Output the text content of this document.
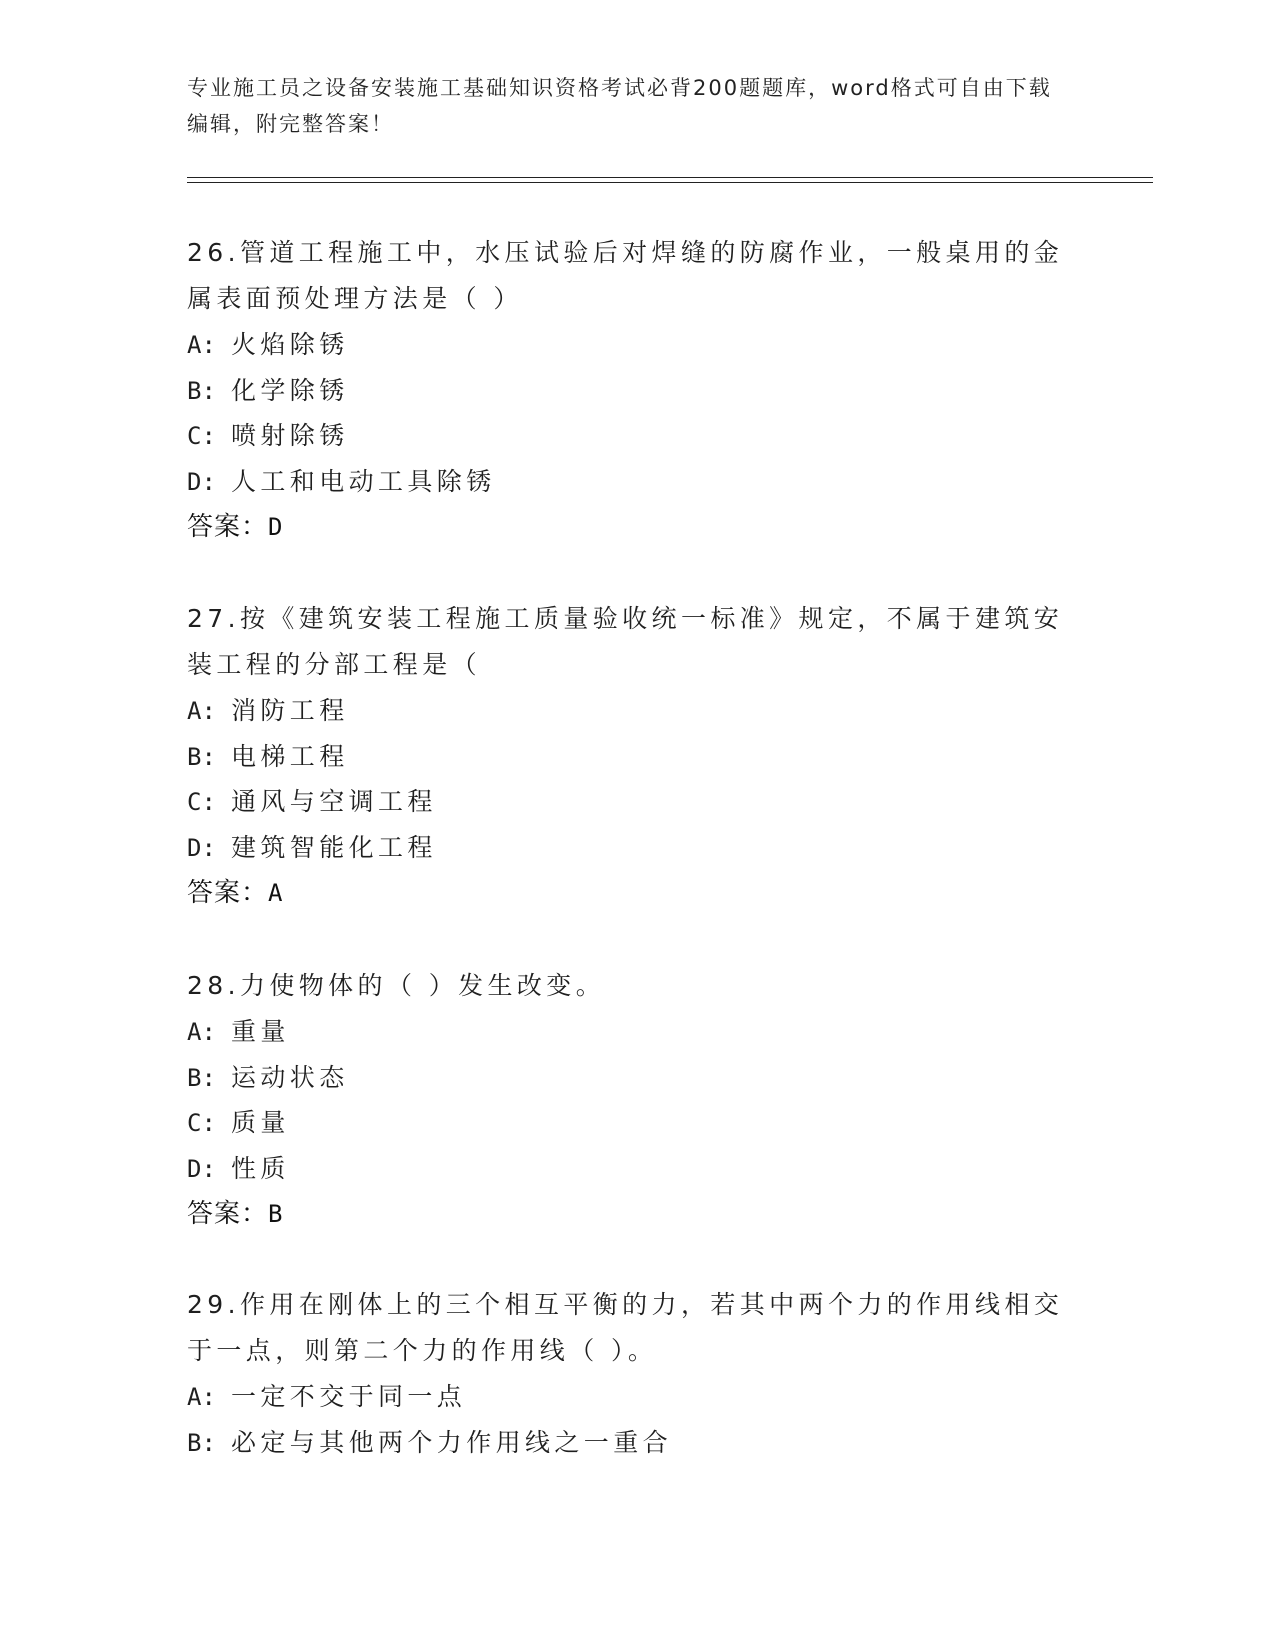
专业施工员之设备安装施工基础知识资格考试必背200题题库，word格式可自由下载编辑，附完整答案！
26.管道工程施工中，水压试验后对焊缝的防腐作业，一般桌用的金属表面预处理方法是（ ）
A: 火焰除锈
B: 化学除锈
C: 喷射除锈
D: 人工和电动工具除锈
答案：D
27.按《建筑安装工程施工质量验收统一标准》规定，不属于建筑安装工程的分部工程是（
A: 消防工程
B: 电梯工程
C: 通风与空调工程
D: 建筑智能化工程
答案：A
28.力使物体的（ ）发生改变。
A: 重量
B: 运动状态
C: 质量
D: 性质
答案：B
29.作用在刚体上的三个相互平衡的力，若其中两个力的作用线相交于一点，则第二个力的作用线（ ）。
A: 一定不交于同一点
B: 必定与其他两个力作用线之一重合
